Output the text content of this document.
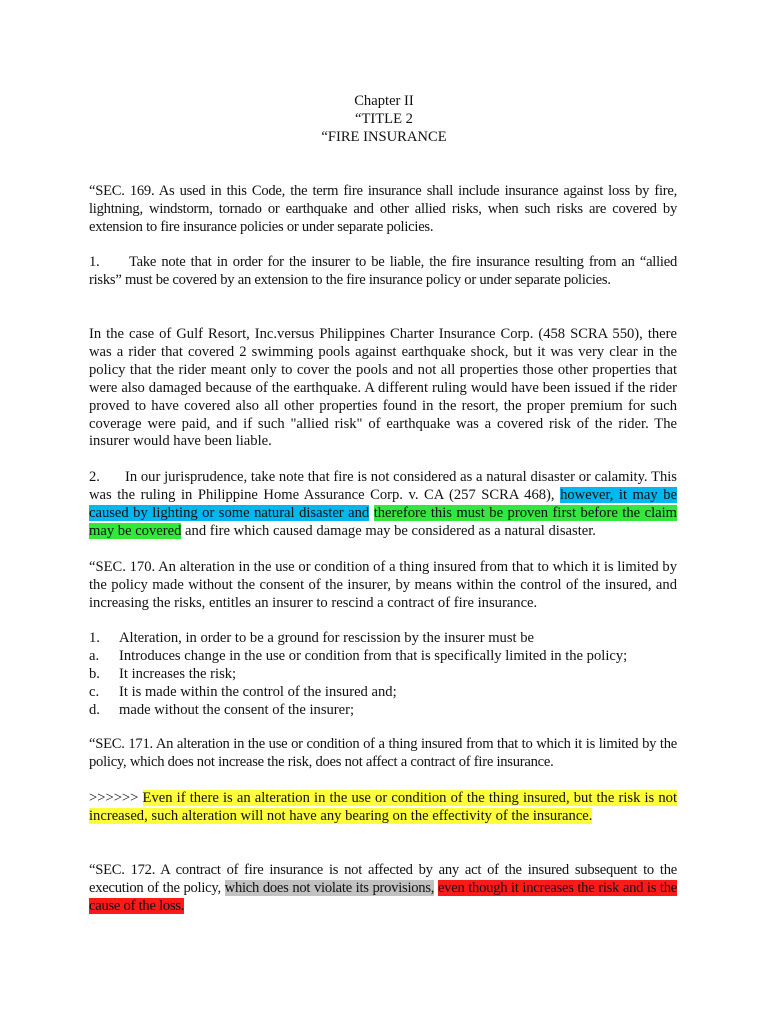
Chapter II
“TITLE 2
“FIRE INSURANCE

“SEC. 169. As used in this Code, the term fire insurance shall include insurance against loss by fire, lightning, windstorm, tornado or earthquake and other allied risks, when such risks are covered by extension to fire insurance policies or under separate policies.

1. Take note that in order for the insurer to be liable, the fire insurance resulting from an “allied risks” must be covered by an extension to the fire insurance policy or under separate policies.

In the case of Gulf Resort, Inc.versus Philippines Charter Insurance Corp. (458 SCRA 550), there was a rider that covered 2 swimming pools against earthquake shock, but it was very clear in the policy that the rider meant only to cover the pools and not all properties those other properties that were also damaged because of the earthquake. A different ruling would have been issued if the rider proved to have covered also all other properties found in the resort, the proper premium for such coverage were paid, and if such "allied risk" of earthquake was a covered risk of the rider. The insurer would have been liable.

2. In our jurisprudence, take note that fire is not considered as a natural disaster or calamity. This was the ruling in Philippine Home Assurance Corp. v. CA (257 SCRA 468), however, it may be caused by lighting or some natural disaster and therefore this must be proven first before the claim may be covered and fire which caused damage may be considered as a natural disaster.

“SEC. 170. An alteration in the use or condition of a thing insured from that to which it is limited by the policy made without the consent of the insurer, by means within the control of the insured, and increasing the risks, entitles an insurer to rescind a contract of fire insurance.

1. Alteration, in order to be a ground for rescission by the insurer must be
a. Introduces change in the use or condition from that is specifically limited in the policy;
b. It increases the risk;
c. It is made within the control of the insured and;
d. made without the consent of the insurer;

“SEC. 171. An alteration in the use or condition of a thing insured from that to which it is limited by the policy, which does not increase the risk, does not affect a contract of fire insurance.

>>>>>> Even if there is an alteration in the use or condition of the thing insured, but the risk is not increased, such alteration will not have any bearing on the effectivity of the insurance.

“SEC. 172. A contract of fire insurance is not affected by any act of the insured subsequent to the execution of the policy, which does not violate its provisions, even though it increases the risk and is the cause of the loss.
